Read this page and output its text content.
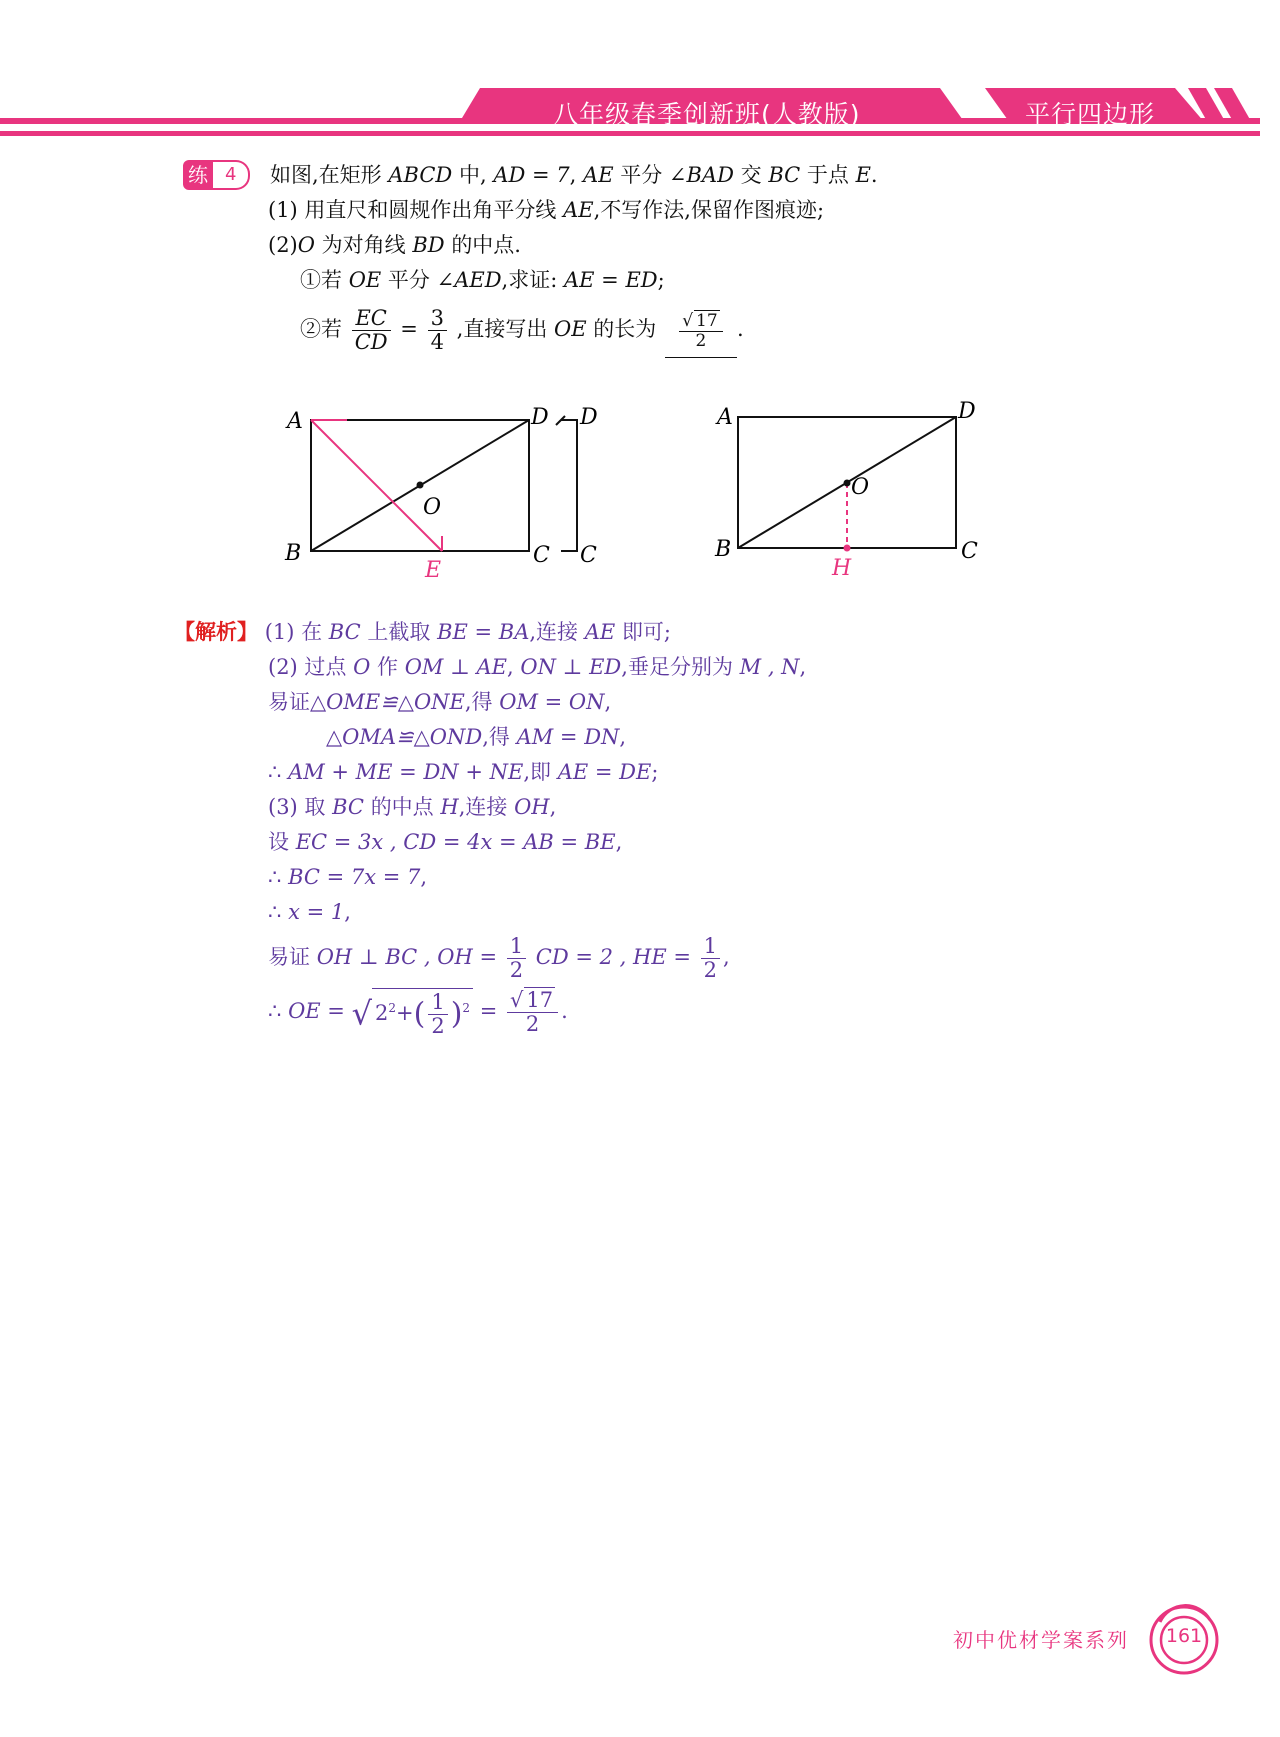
八年级春季创新班(人教版)	平行四边形
练 4	如图,在矩形 ABCD 中, AD = 7, AE 平分 ∠BAD 交 BC 于点 E.
(1) 用直尺和圆规作出角平分线 AE,不写作法,保留作图痕迹;
(2)O 为对角线 BD 的中点.
①若 OE 平分 ∠AED,求证: AE = ED;
②若 $\frac{EC}{CD} = \frac{3}{4}$ ,直接写出 OE 的长为 $\frac{√ 17}{2}$ .
A	D D
O
B	C C
E
A	D
O
B	C
H
【解析】 (1) 在 BC 上截取 BE = BA,连接 AE 即可;
(2) 过点 O 作 OM ⊥ AE, ON ⊥ ED,垂足分别为 M , N,
易证△OME≌△ONE,得 OM = ON,
△OMA≌△OND,得 AM = DN,
∴ AM + ME = DN + NE,即 AE = DE;
(3) 取 BC 的中点 H,连接 OH,
设 EC = 3x , CD = 4x = AB = BE,
∴ BC = 7x = 7,
∴ x = 1,
易证 OH ⊥ BC , OH = $\frac{1}{2}$ CD = 2 , HE = $\frac{1}{2}$ ,
∴ OE = √ $2^2+( \frac{1}{2} )^2 = \frac{√ 17}{2}$ .
初中优材学案系列	161
